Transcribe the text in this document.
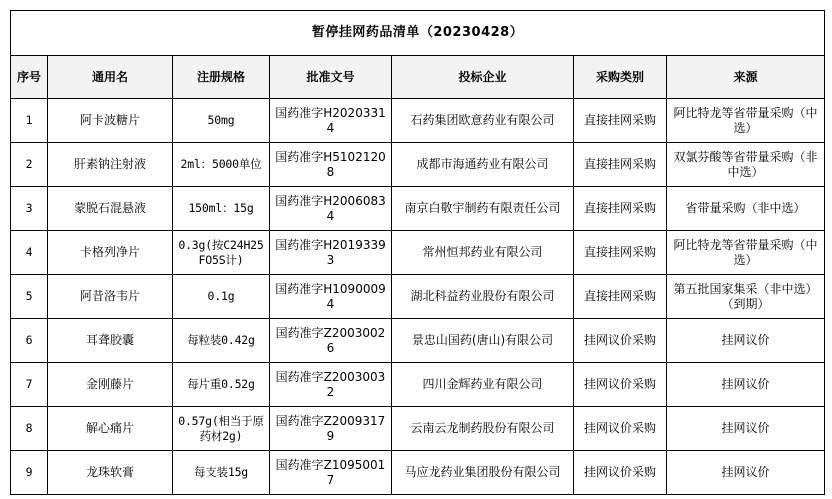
暂停挂网药品清单（20230428）						
序号	通用名	注册规格	批准文号	投标企业	采购类别	来源
1	阿卡波糖片	50mg	国药准字H20203314	石药集团欧意药业有限公司	直接挂网采购	阿比特龙等省带量采购（中选）
2	肝素钠注射液	2ml：5000单位	国药准字H51021208	成都市海通药业有限公司	直接挂网采购	双氯芬酸等省带量采购（非中选）
3	蒙脱石混悬液	150ml：15g	国药准字H20060834	南京白敬宇制药有限责任公司	直接挂网采购	省带量采购（非中选）
4	卡格列净片	0.3g(按C24H25FO5S计)	国药准字H20193393	常州恒邦药业有限公司	直接挂网采购	阿比特龙等省带量采购（中选）
5	阿昔洛韦片	0.1g	国药准字H10900094	湖北科益药业股份有限公司	直接挂网采购	第五批国家集采（非中选）（到期）
6	耳聋胶囊	每粒装0.42g	国药准字Z20030026	景忠山国药(唐山)有限公司	挂网议价采购	挂网议价
7	金刚藤片	每片重0.52g	国药准字Z20030032	四川金辉药业有限公司	挂网议价采购	挂网议价
8	解心痛片	0.57g(相当于原药材2g)	国药准字Z20093179	云南云龙制药股份有限公司	挂网议价采购	挂网议价
9	龙珠软膏	每支装15g	国药准字Z10950017	马应龙药业集团股份有限公司	挂网议价采购	挂网议价
